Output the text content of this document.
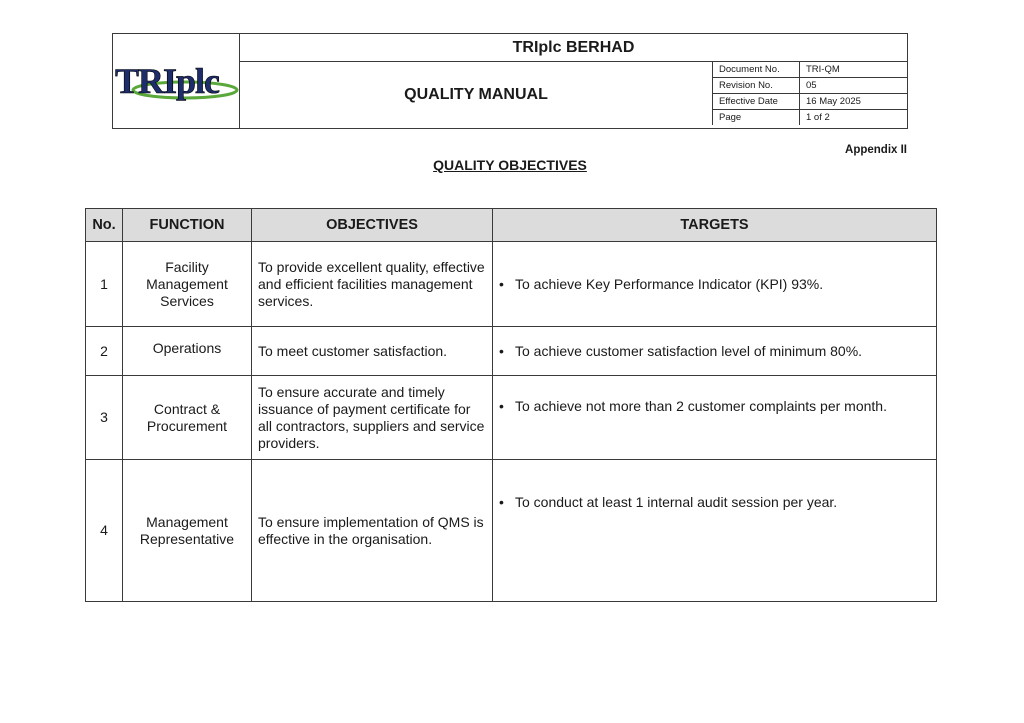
TRIplc
TRIplc BERHAD
QUALITY MANUAL
Document No.	TRI-QM
Revision No.	05
Effective Date	16 May 2025
Page	1 of 2
Appendix II
QUALITY OBJECTIVES
No.	FUNCTION	OBJECTIVES	TARGETS
1	Facility Management Services	To provide excellent quality, effective and efficient facilities management services.	• To achieve Key Performance Indicator (KPI) 93%.

2	Operations	To meet customer satisfaction.	• To achieve customer satisfaction level of minimum 80%.

3	Contract & Procurement	To ensure accurate and timely issuance of payment certificate for all contractors, suppliers and service providers.	• To achieve not more than 2 customer complaints per month.

4	Management Representative	To ensure implementation of QMS is effective in the organisation.	• To conduct at least 1 internal audit session per year.
